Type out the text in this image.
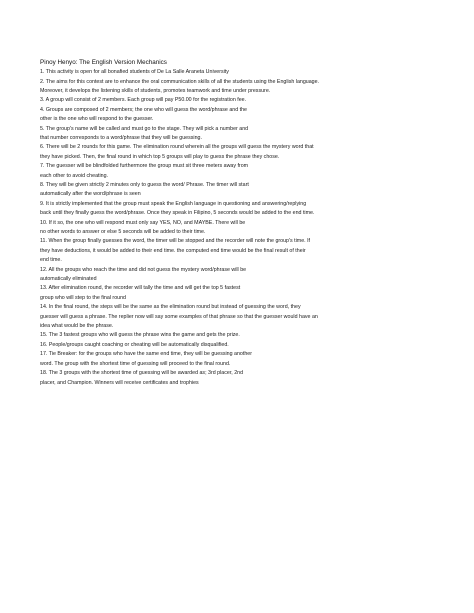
Pinoy Henyo: The English Version Mechanics
1. This activity is open for all bonafied students of De La Salle Araneta University
2. The aims for this contest are to enhance the oral communication skills of all the students using the English language.
Moreover, it develops the listening skills of students, promotes teamwork and time under pressure.
3. A group will consist of 2 members. Each group will pay P50.00 for the registration fee.
4. Groups are composed of 2 members; the one who will guess the word/phrase and the
other is the one who will respond to the guesser.
5. The group's name will be called and must go to the stage. They will pick a number and
that number corresponds to a word/phrase that they will be guessing.
6. There will be 2 rounds for this game. The elimination round wherein all the groups will guess the mystery word that
they have picked. Then, the final round in which top 5 groups will play to guess the phrase they chose.
7. The guesser will be blindfolded furthermore the group must sit three meters away from
each other to avoid cheating.
8. They will be given strictly 2 minutes only to guess the word/ Phrase. The timer will start
automatically after the word/phrase is seen
9. It is strictly implemented that the group must speak the English language in questioning and answering/replying
back until they finally guess the word/phrase. Once they speak in Filipino, 5 seconds would be added to the end time.
10. If it so, the one who will respond must only say YES, NO, and MAYBE. There will be
no other words to answer or else 5 seconds will be added to their time.
11. When the group finally guesses the word, the timer will be stopped and the recorder will note the group's time. If
they have deductions, it would be added to their end time. the computed end time would be the final result of their
end time.
12. All the groups who reach the time and did not guess the mystery word/phrase will be
automatically eliminated
13. After elimination round, the recorder will tally the time and will get the top 5 fastest
group who will step to the final round
14. In the final round, the steps will be the same as the elimination round but instead of guessing the word, they
guesser will guess a phrase. The replier now will say some examples of that phrase so that the guesser would have an
idea what would be the phrase.
15. The 3 fastest groups who will guess the phrase wins the game and gets the prize.
16. People/groups caught coaching or cheating will be automatically disqualified.
17. Tie Breaker: for the groups who have the same end time, they will be guessing another
word. The group with the shortest time of guessing will proceed to the final round.
18. The 3 groups with the shortest time of guessing will be awarded as; 3rd placer, 2nd
placer, and Champion. Winners will receive certificates and trophies
